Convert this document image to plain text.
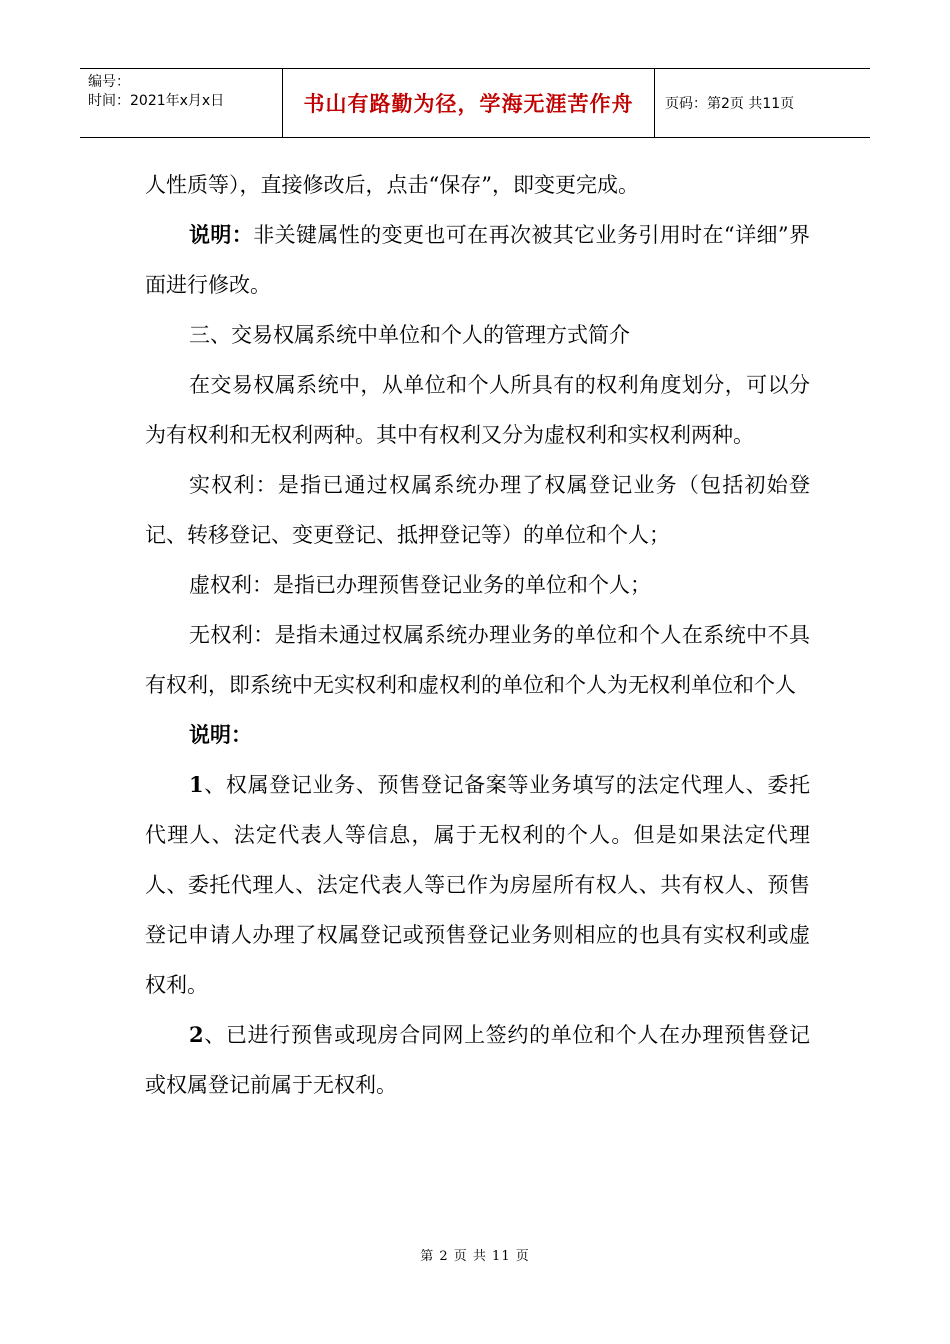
编号：
时间：2021年x月x日	书山有路勤为径，学海无涯苦作舟	页码：第2页 共11页

人性质等），直接修改后，点击“保存”，即变更完成。

说明：非关键属性的变更也可在再次被其它业务引用时在“详细”界面进行修改。

三、交易权属系统中单位和个人的管理方式简介

在交易权属系统中，从单位和个人所具有的权利角度划分，可以分为有权利和无权利两种。其中有权利又分为虚权利和实权利两种。

实权利：是指已通过权属系统办理了权属登记业务（包括初始登记、转移登记、变更登记、抵押登记等）的单位和个人；

虚权利：是指已办理预售登记业务的单位和个人；

无权利：是指未通过权属系统办理业务的单位和个人在系统中不具有权利，即系统中无实权利和虚权利的单位和个人为无权利单位和个人

说明：

1、权属登记业务、预售登记备案等业务填写的法定代理人、委托代理人、法定代表人等信息，属于无权利的个人。但是如果法定代理人、委托代理人、法定代表人等已作为房屋所有权人、共有权人、预售登记申请人办理了权属登记或预售登记业务则相应的也具有实权利或虚权利。

2、已进行预售或现房合同网上签约的单位和个人在办理预售登记或权属登记前属于无权利。

第 2 页 共 11 页
